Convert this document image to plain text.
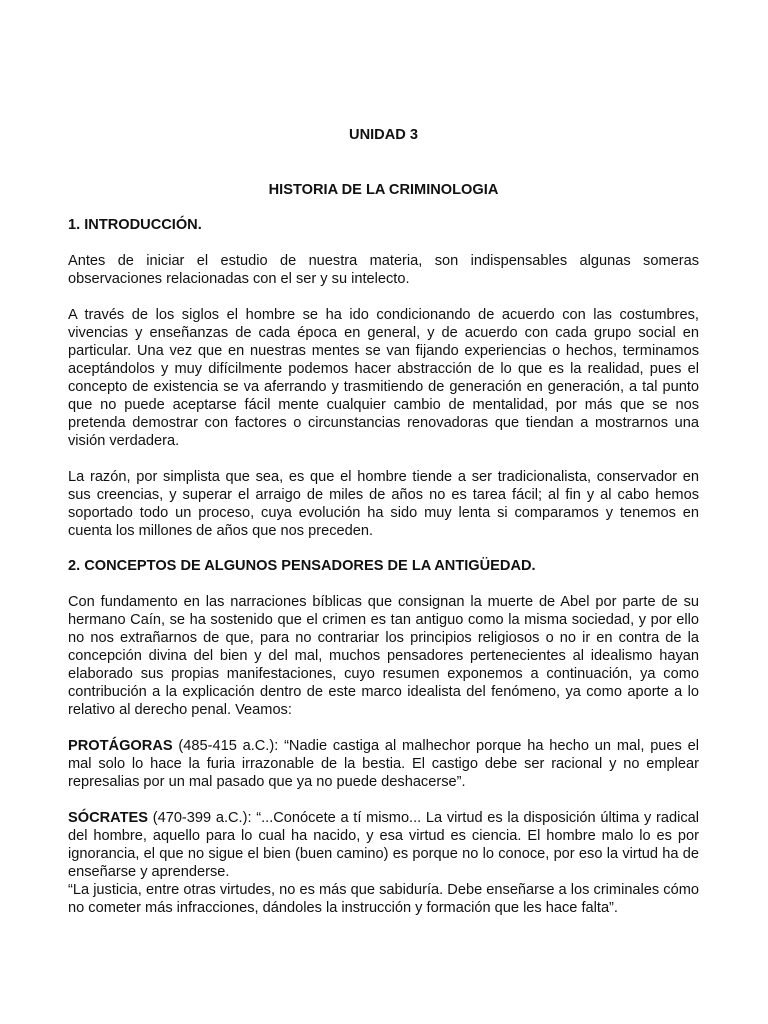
UNIDAD 3
HISTORIA DE LA CRIMINOLOGIA
1. INTRODUCCIÓN.

Antes de iniciar el estudio de nuestra materia, son indispensables algunas someras observaciones relacionadas con el ser y su intelecto.

A través de los siglos el hombre se ha ido condicionando de acuerdo con las costumbres, vivencias y enseñanzas de cada época en general, y de acuerdo con cada grupo social en particular. Una vez que en nuestras mentes se van fijando experiencias o hechos, terminamos aceptándolos y muy difícilmente podemos hacer abstracción de lo que es la realidad, pues el concepto de existencia se va aferrando y trasmitiendo de generación en generación, a tal punto que no puede aceptarse fácil mente cualquier cambio de mentalidad, por más que se nos pretenda demostrar con factores o circunstancias renovadoras que tiendan a mostrarnos una visión verdadera.

La razón, por simplista que sea, es que el hombre tiende a ser tradicionalista, conservador en sus creencias, y superar el arraigo de miles de años no es tarea fácil; al fin y al cabo hemos soportado todo un proceso, cuya evolución ha sido muy lenta si comparamos y tenemos en cuenta los millones de años que nos preceden.

2. CONCEPTOS DE ALGUNOS PENSADORES DE LA ANTIGÜEDAD.

Con fundamento en las narraciones bíblicas que consignan la muerte de Abel por parte de su hermano Caín, se ha sostenido que el crimen es tan antiguo como la misma sociedad, y por ello no nos extrañarnos de que, para no contrariar los principios religiosos o no ir en contra de la concepción divina del bien y del mal, muchos pensadores pertenecientes al idealismo hayan elaborado sus propias manifestaciones, cuyo resumen exponemos a continuación, ya como contribución a la explicación dentro de este marco idealista del fenómeno, ya como aporte a lo relativo al derecho penal. Veamos:

PROTÁGORAS (485-415 a.C.): “Nadie castiga al malhechor porque ha hecho un mal, pues el mal solo lo hace la furia irrazonable de la bestia. El castigo debe ser racional y no emplear represalias por un mal pasado que ya no puede deshacerse”.

SÓCRATES (470-399 a.C.): “...Conócete a tí mismo... La virtud es la disposición última y radical del hombre, aquello para lo cual ha nacido, y esa virtud es ciencia. El hombre malo lo es por ignorancia, el que no sigue el bien (buen camino) es porque no lo conoce, por eso la virtud ha de enseñarse y aprenderse.

“La justicia, entre otras virtudes, no es más que sabiduría. Debe enseñarse a los criminales cómo no cometer más infracciones, dándoles la instrucción y formación que les hace falta”.
